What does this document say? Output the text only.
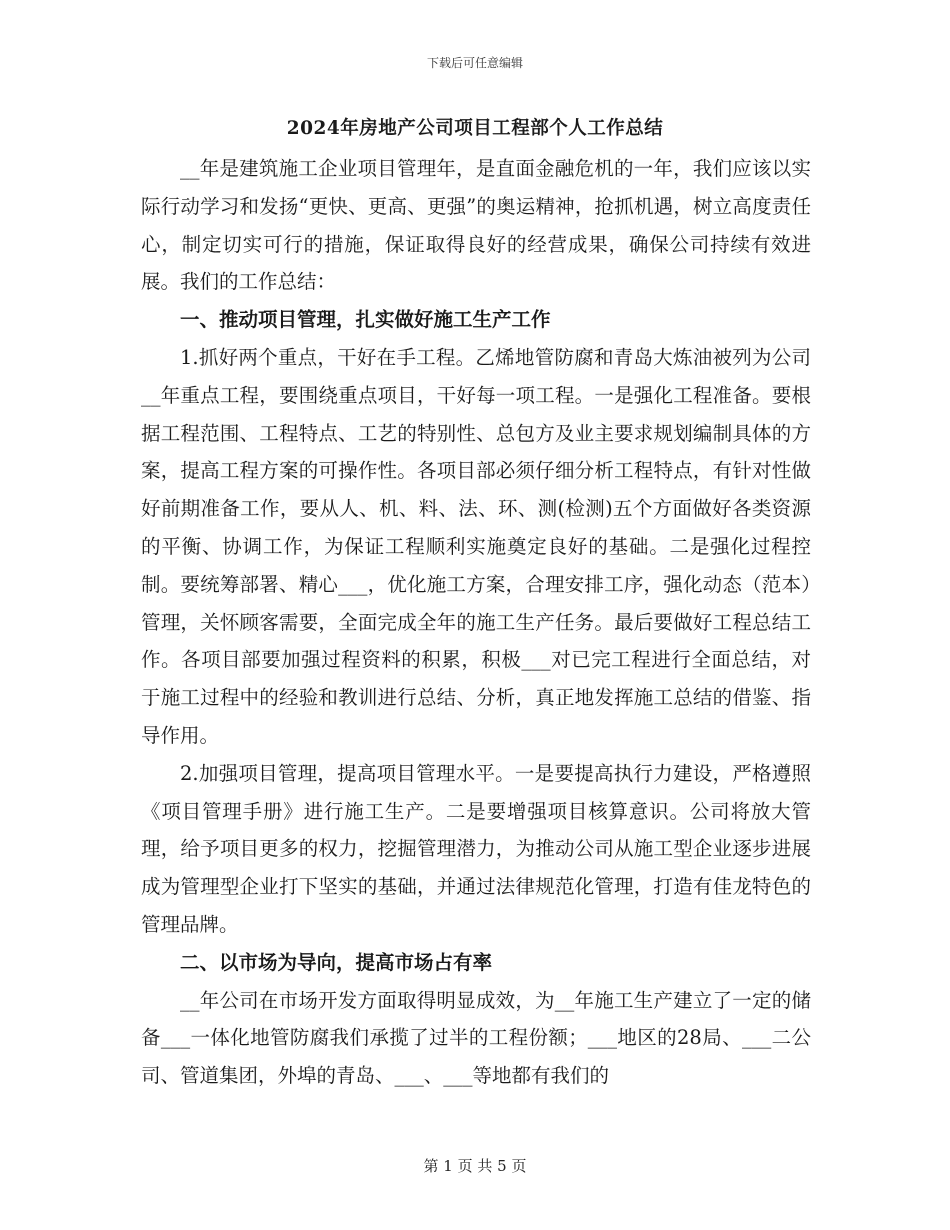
下载后可任意编辑
2024年房地产公司项目工程部个人工作总结

__年是建筑施工企业项目管理年，是直面金融危机的一年，我们应该以实际行动学习和发扬“更快、更高、更强”的奥运精神，抢抓机遇，树立高度责任心，制定切实可行的措施，保证取得良好的经营成果，确保公司持续有效进展。我们的工作总结：

一、推动项目管理，扎实做好施工生产工作

1.抓好两个重点，干好在手工程。乙烯地管防腐和青岛大炼油被列为公司__年重点工程，要围绕重点项目，干好每一项工程。一是强化工程准备。要根据工程范围、工程特点、工艺的特别性、总包方及业主要求规划编制具体的方案，提高工程方案的可操作性。各项目部必须仔细分析工程特点，有针对性做好前期准备工作，要从人、机、料、法、环、测(检测)五个方面做好各类资源的平衡、协调工作，为保证工程顺利实施奠定良好的基础。二是强化过程控制。要统筹部署、精心___，优化施工方案，合理安排工序，强化动态（范本）管理，关怀顾客需要，全面完成全年的施工生产任务。最后要做好工程总结工作。各项目部要加强过程资料的积累，积极___对已完工程进行全面总结，对于施工过程中的经验和教训进行总结、分析，真正地发挥施工总结的借鉴、指导作用。

2.加强项目管理，提高项目管理水平。一是要提高执行力建设，严格遵照《项目管理手册》进行施工生产。二是要增强项目核算意识。公司将放大管理，给予项目更多的权力，挖掘管理潜力，为推动公司从施工型企业逐步进展成为管理型企业打下坚实的基础，并通过法律规范化管理，打造有佳龙特色的管理品牌。

二、以市场为导向，提高市场占有率

__年公司在市场开发方面取得明显成效，为__年施工生产建立了一定的储备___一体化地管防腐我们承揽了过半的工程份额；___地区的28局、___二公司、管道集团，外埠的青岛、___、___等地都有我们的

第 1 页 共 5 页
